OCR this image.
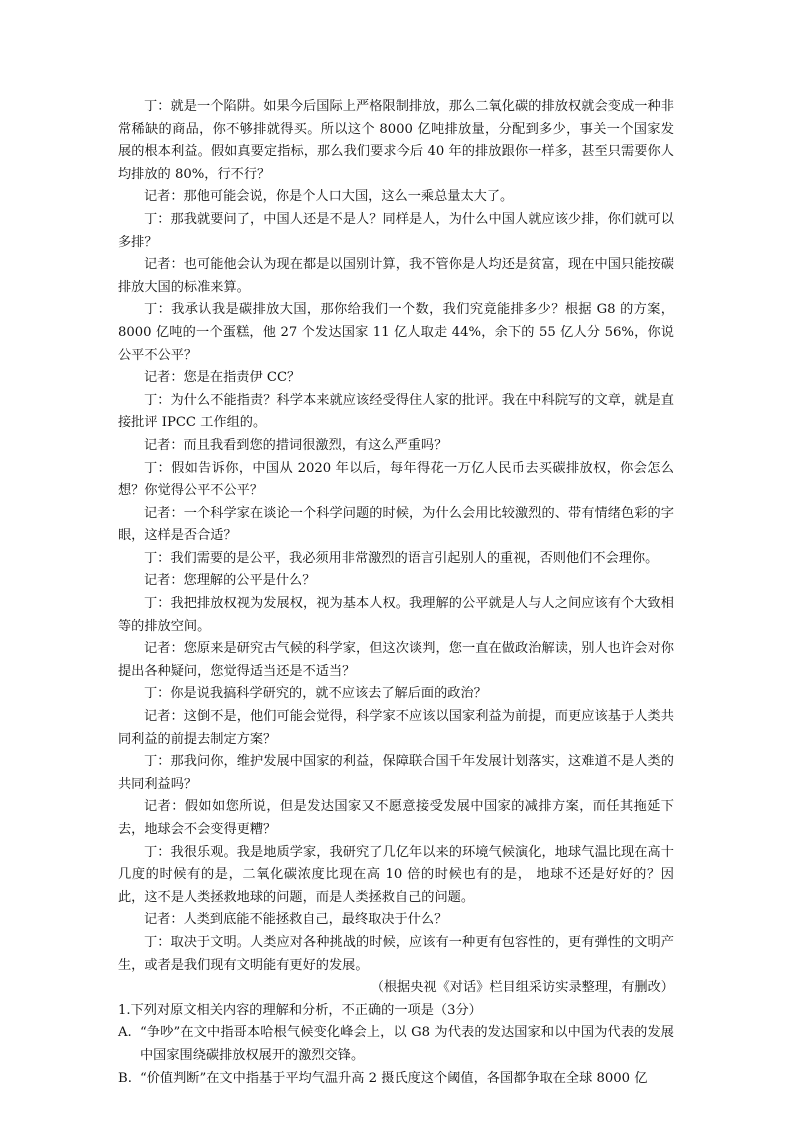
丁：就是一个陷阱。如果今后国际上严格限制排放，那么二氧化碳的排放权就会变成一种非常稀缺的商品，你不够排就得买。所以这个 8000 亿吨排放量，分配到多少，事关一个国家发展的根本利益。假如真要定指标，那么我们要求今后 40 年的排放跟你一样多，甚至只需要你人均排放的 80%，行不行？

记者：那他可能会说，你是个人口大国，这么一乘总量太大了。

丁：那我就要问了，中国人还是不是人？同样是人，为什么中国人就应该少排，你们就可以多排？

记者：也可能他会认为现在都是以国别计算，我不管你是人均还是贫富，现在中国只能按碳排放大国的标准来算。

丁：我承认我是碳排放大国，那你给我们一个数，我们究竟能排多少？根据 G8 的方案，8000 亿吨的一个蛋糕，他 27 个发达国家 11 亿人取走 44%，余下的 55 亿人分 56%，你说公平不公平？

记者：您是在指责伊 CC？

丁：为什么不能指责？科学本来就应该经受得住人家的批评。我在中科院写的文章，就是直接批评 IPCC 工作组的。

记者：而且我看到您的措词很激烈，有这么严重吗？

丁：假如告诉你，中国从 2020 年以后，每年得花一万亿人民币去买碳排放权，你会怎么想？你觉得公平不公平？

记者：一个科学家在谈论一个科学问题的时候，为什么会用比较激烈的、带有情绪色彩的字眼，这样是否合适？

丁：我们需要的是公平，我必须用非常激烈的语言引起别人的重视，否则他们不会理你。

记者：您理解的公平是什么？

丁：我把排放权视为发展权，视为基本人权。我理解的公平就是人与人之间应该有个大致相等的排放空间。

记者：您原来是研究古气候的科学家，但这次谈判，您一直在做政治解读，别人也许会对你提出各种疑问，您觉得适当还是不适当？

丁：你是说我搞科学研究的，就不应该去了解后面的政治？

记者：这倒不是，他们可能会觉得，科学家不应该以国家利益为前提，而更应该基于人类共同利益的前提去制定方案？

丁：那我问你，维护发展中国家的利益，保障联合国千年发展计划落实，这难道不是人类的共同利益吗？

记者：假如如您所说，但是发达国家又不愿意接受发展中国家的减排方案，而任其拖延下去，地球会不会变得更糟？

丁：我很乐观。我是地质学家，我研究了几亿年以来的环境气候演化，地球气温比现在高十几度的时候有的是，二氧化碳浓度比现在高 10 倍的时候也有的是， 地球不还是好好的？因此，这不是人类拯救地球的问题，而是人类拯救自己的问题。

记者：人类到底能不能拯救自己，最终取决于什么？

丁：取决于文明。人类应对各种挑战的时候，应该有一种更有包容性的，更有弹性的文明产生，或者是我们现有文明能有更好的发展。

（根据央视《对话》栏目组采访实录整理，有删改）

1.下列对原文相关内容的理解和分析，不正确的一项是（3分）

A. “争吵”在文中指哥本哈根气候变化峰会上，以 G8 为代表的发达国家和以中国为代表的发展中国家围绕碳排放权展开的激烈交锋。
B. “价值判断”在文中指基于平均气温升高 2 摄氏度这个阈值，各国都争取在全球 8000 亿
